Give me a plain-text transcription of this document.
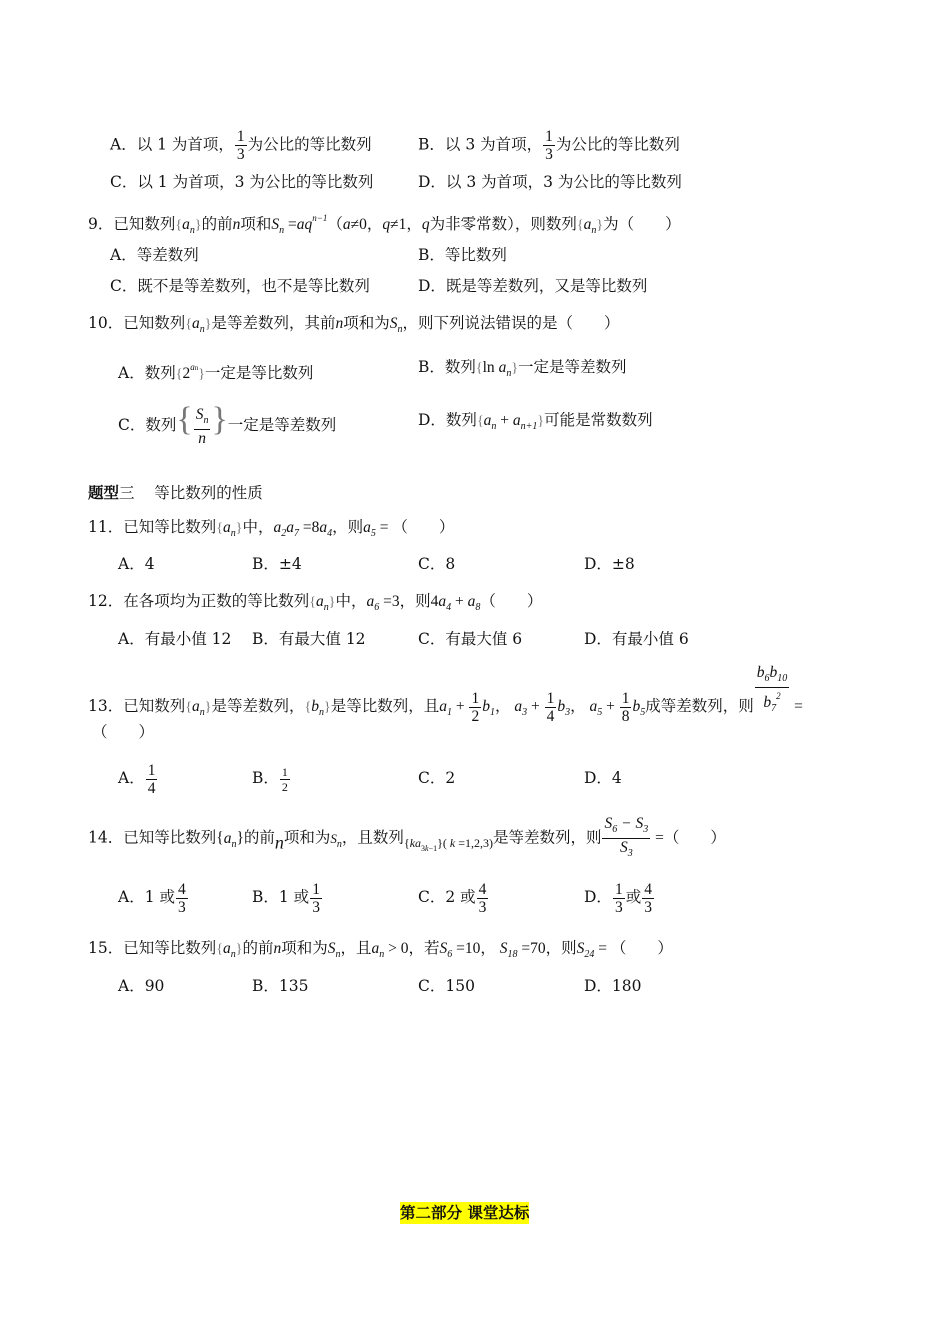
A．以 1 为首项， $\frac{1}{3}$ 为公比的等比数列	B．以 3 为首项， $\frac{1}{3}$ 为公比的等比数列
C．以 1 为首项，3 为公比的等比数列	D．以 3 为首项，3 为公比的等比数列
9．已知数列$\{a_n\}$的前n项和$S_n =aq^{n-1}(a\ne 0$，q≠1，q为非零常数），则数列$\{a_n\}$为（　　）
A．等差数列	B．等比数列
C．既不是等差数列，也不是等比数列	D．既是等差数列，又是等比数列
10．已知数列$\{a_n\}$是等差数列，其前n项和为$S_n$，则下列说法错误的是（　　）
A．数列$\{2^{an}\}$一定是等比数列	B．数列{ln $a_n$}一定是等差数列
C．数列{ $\frac{S_n}{n}$ }一定是等差数列	D．数列$\{a_n + a_{n+1}\}$可能是常数数列
题型三 等比数列的性质
11．已知等比数列$\{a_n\}$中，$a_2a_7 =8a_4$，则$a_5$ = （　　）
A．4	B．±4	C．8	D．±8
12．在各项均为正数的等比数列$\{a_n\}$中，$a_6 =3$，则$4a_4 + a_8$（　　）
A．有最小值 12 B．有最大值 12	C．有最大值 6	D．有最小值 6
13．已知数列$\{a_n\}$是等差数列，$\{b_n\}$是等比数列，且$a_1 + \frac{1}{2} b_1$， $a_3 + \frac{1}{4} b_3$， $a_5 + \frac{1}{8} b_5$成等差数列，则 $\frac{b_6b_{10}}{b_7^2}$ =
（　　）
A． $\frac{1}{4}$	B． $\frac{1}{2}$	C．2	D．4
14．已知等比数列$\{a_n\}$的前n项和为$S_n$，且数列$_{\{ka_{3k-1}\}( k =1,2,3)}$是等差数列，则 $\frac{S_6 - S_3}{S_3}$ =（　　）
A．1 或 $\frac{4}{3}$	B．1 或 $\frac{1}{3}$	C．2 或 $\frac{4}{3}$	D． $\frac{1}{3}$ 或 $\frac{4}{3}$
15．已知等比数列$\{a_n\}$的前n项和为$S_n$，且$a_n > 0$，若$S_6 =10$， $S_{18} =70$，则$S_{24}$ = （　　）
A．90	B．135	C．150	D．180
第二部分 课堂达标
